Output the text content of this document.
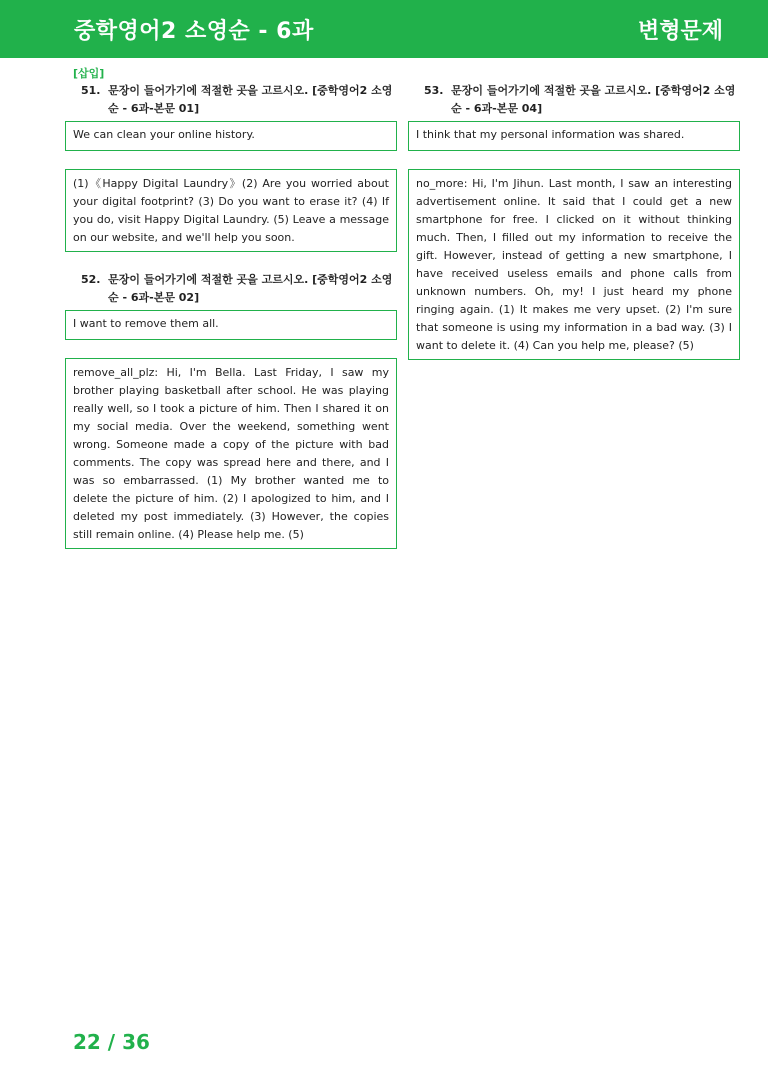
중학영어2 소영순 - 6과	변형문제
[삽입]
51. 문장이 들어가기에 적절한 곳을 고르시오. [중학영어2 소영순 - 6과-본문 01]
We can clean your online history.
(1)《Happy Digital Laundry》(2) Are you worried about your digital footprint? (3) Do you want to erase it? (4) If you do, visit Happy Digital Laundry. (5) Leave a message on our website, and we'll help you soon.
52. 문장이 들어가기에 적절한 곳을 고르시오. [중학영어2 소영순 - 6과-본문 02]
I want to remove them all.
remove_all_plz: Hi, I'm Bella. Last Friday, I saw my brother playing basketball after school. He was playing really well, so I took a picture of him. Then I shared it on my social media. Over the weekend, something went wrong. Someone made a copy of the picture with bad comments. The copy was spread here and there, and I was so embarrassed. (1) My brother wanted me to delete the picture of him. (2) I apologized to him, and I deleted my post immediately. (3) However, the copies still remain online. (4) Please help me. (5)
53. 문장이 들어가기에 적절한 곳을 고르시오. [중학영어2 소영순 - 6과-본문 04]
I think that my personal information was shared.
no_more: Hi, I'm Jihun. Last month, I saw an interesting advertisement online. It said that I could get a new smartphone for free. I clicked on it without thinking much. Then, I filled out my information to receive the gift. However, instead of getting a new smartphone, I have received useless emails and phone calls from unknown numbers. Oh, my! I just heard my phone ringing again. (1) It makes me very upset. (2) I'm sure that someone is using my information in a bad way. (3) I want to delete it. (4) Can you help me, please? (5)
22 / 36
